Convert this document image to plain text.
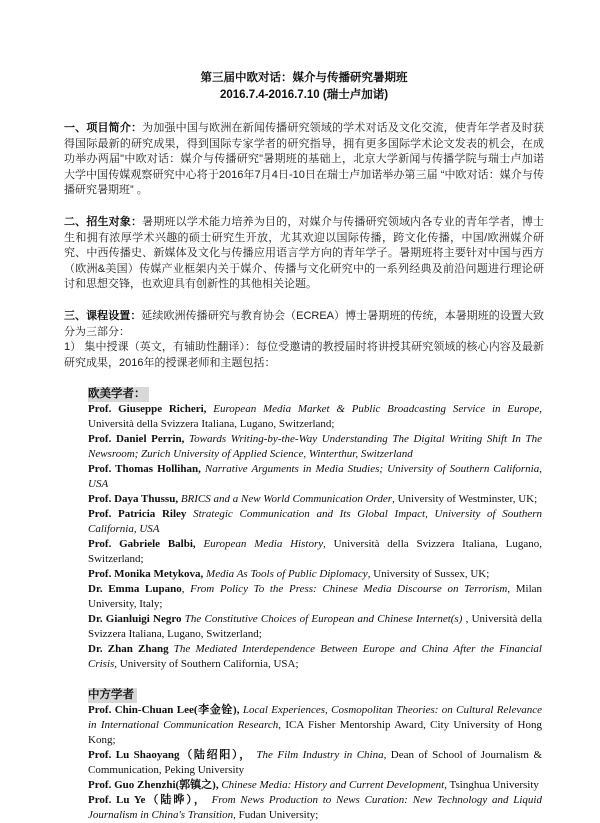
第三届中欧对话：媒介与传播研究暑期班
2016.7.4-2016.7.10 (瑞士卢加诺)
一、项目简介：为加强中国与欧洲在新闻传播研究领域的学术对话及文化交流，使青年学者及时获得国际最新的研究成果，得到国际专家学者的研究指导，拥有更多国际学术论文发表的机会，在成功举办两届"中欧对话：媒介与传播研究"暑期班的基础上，北京大学新闻与传播学院与瑞士卢加诺大学中国传媒观察研究中心将于2016年7月4日-10日在瑞士卢加诺举办第三届 “中欧对话：媒介与传播研究暑期班” 。
二、招生对象：暑期班以学术能力培养为目的，对媒介与传播研究领域内各专业的青年学者，博士生和拥有浓厚学术兴趣的硕士研究生开放，尤其欢迎以国际传播，跨文化传播，中国/欧洲媒介研究、中西传播史、新媒体及文化与传播应用语言学方向的青年学子。暑期班将主要针对中国与西方（欧洲&美国）传媒产业框架内关于媒介、传播与文化研究中的一系列经典及前沿问题进行理论研讨和思想交锋，也欢迎具有创新性的其他相关论题。
三、课程设置：延续欧洲传播研究与教育协会（ECREA）博士暑期班的传统，本暑期班的设置大致分为三部分：
1） 集中授课（英文，有辅助性翻译）：每位受邀请的教授届时将讲授其研究领域的核心内容及最新研究成果，2016年的授课老师和主题包括：
欧美学者：
Prof. Giuseppe Richeri, European Media Market & Public Broadcasting Service in Europe, Università della Svizzera Italiana, Lugano, Switzerland;
Prof. Daniel Perrin, Towards Writing-by-the-Way Understanding The Digital Writing Shift In The Newsroom; Zurich University of Applied Science, Winterthur, Switzerland
Prof. Thomas Hollihan, Narrative Arguments in Media Studies; University of Southern California, USA
Prof. Daya Thussu, BRICS and a New World Communication Order, University of Westminster, UK;
Prof. Patricia Riley Strategic Communication and Its Global Impact, University of Southern California, USA
Prof. Gabriele Balbi, European Media History, Università della Svizzera Italiana, Lugano, Switzerland;
Prof. Monika Metykova, Media As Tools of Public Diplomacy, University of Sussex, UK;
Dr. Emma Lupano, From Policy To the Press: Chinese Media Discourse on Terrorism, Milan University, Italy;
Dr. Gianluigi Negro The Constitutive Choices of European and Chinese Internet(s) , Università della Svizzera Italiana, Lugano, Switzerland;
Dr. Zhan Zhang The Mediated Interdependence Between Europe and China After the Financial Crisis, University of Southern California, USA;
中方学者
Prof. Chin-Chuan Lee(李金铨), Local Experiences, Cosmopolitan Theories: on Cultural Relevance in International Communication Research, ICA Fisher Mentorship Award, City University of Hong Kong;
Prof. Lu Shaoyang（陆绍阳）， The Film Industry in China, Dean of School of Journalism & Communication, Peking University
Prof. Guo Zhenzhi(郭镇之), Chinese Media: History and Current Development, Tsinghua University
Prof. Lu Ye（陆晔）， From News Production to News Curation: New Technology and Liquid Journalism in China's Transition, Fudan University;
